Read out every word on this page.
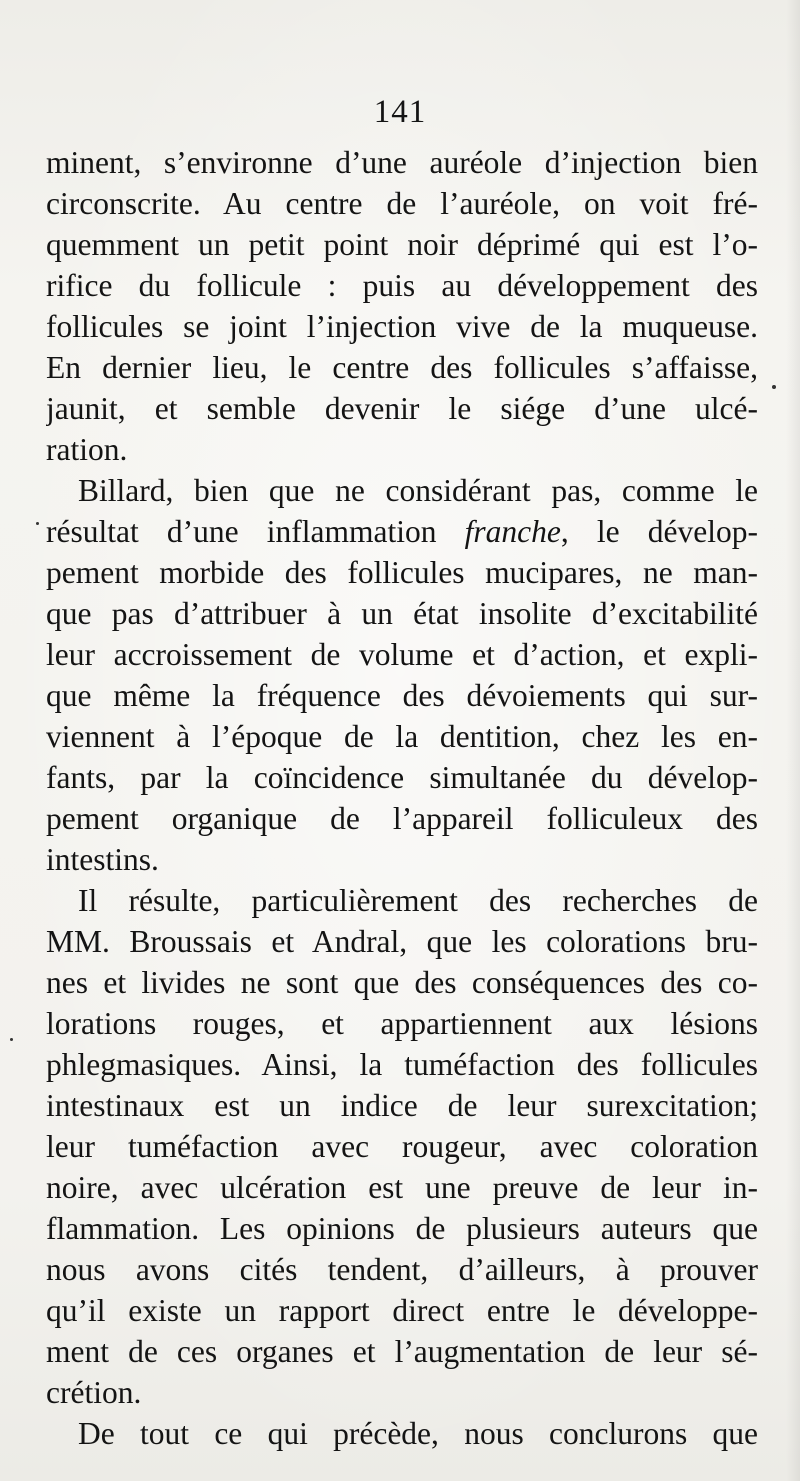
141
minent, s’environne d’une auréole d’injection bien
circonscrite. Au centre de l’auréole, on voit fré-
quemment un petit point noir déprimé qui est l’o-
rifice du follicule : puis au développement des
follicules se joint l’injection vive de la muqueuse.
En dernier lieu, le centre des follicules s’affaisse,
jaunit, et semble devenir le siége d’une ulcé-
ration.
Billard, bien que ne considérant pas, comme le
résultat d’une inflammation franche, le dévelop-
pement morbide des follicules mucipares, ne man-
que pas d’attribuer à un état insolite d’excitabilité
leur accroissement de volume et d’action, et expli-
que même la fréquence des dévoiements qui sur-
viennent à l’époque de la dentition, chez les en-
fants, par la coïncidence simultanée du dévelop-
pement organique de l’appareil folliculeux des
intestins.
Il résulte, particulièrement des recherches de
MM. Broussais et Andral, que les colorations bru-
nes et livides ne sont que des conséquences des co-
lorations rouges, et appartiennent aux lésions
phlegmasiques. Ainsi, la tuméfaction des follicules
intestinaux est un indice de leur surexcitation;
leur tuméfaction avec rougeur, avec coloration
noire, avec ulcération est une preuve de leur in-
flammation. Les opinions de plusieurs auteurs que
nous avons cités tendent, d’ailleurs, à prouver
qu’il existe un rapport direct entre le développe-
ment de ces organes et l’augmentation de leur sé-
crétion.
De tout ce qui précède, nous conclurons que
